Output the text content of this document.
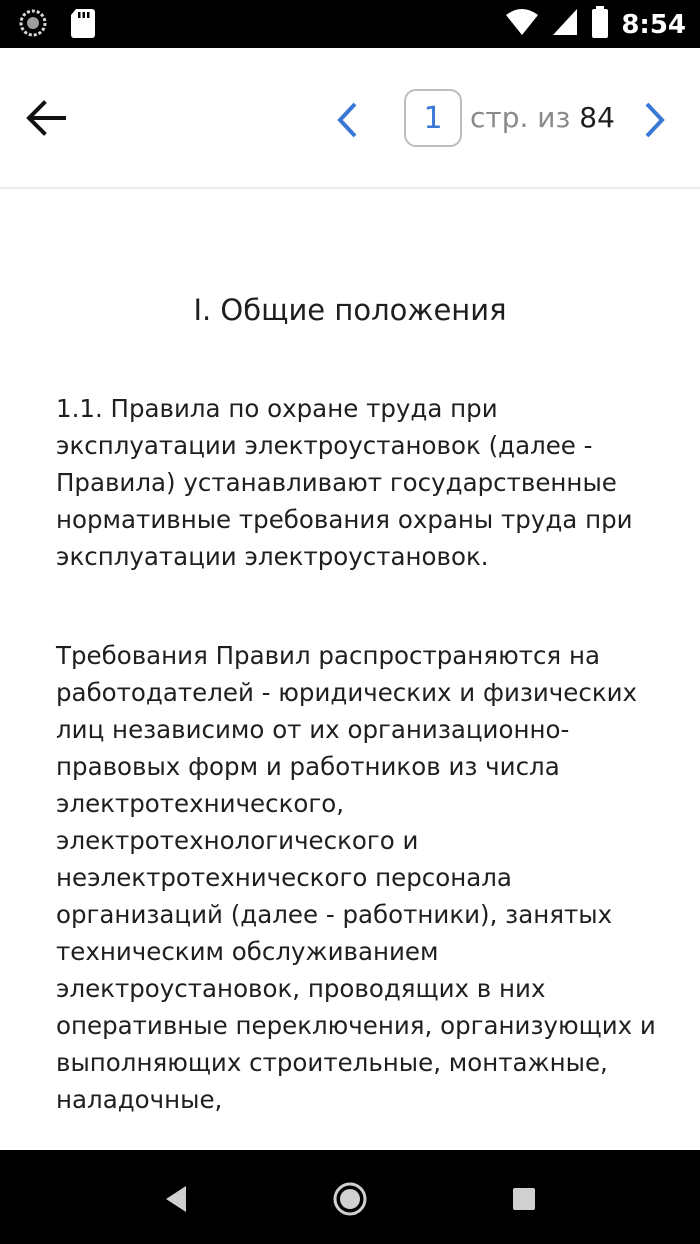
8:54
1
стр. из 84
I. Общие положения

1.1. Правила по охране труда при эксплуатации электроустановок (далее - Правила) устанавливают государственные нормативные требования охраны труда при эксплуатации электроустановок.

Требования Правил распространяются на работодателей - юридических и физических лиц независимо от их организационно-правовых форм и работников из числа электротехнического, электротехнологического и неэлектротехнического персонала организаций (далее - работники), занятых техническим обслуживанием электроустановок, проводящих в них оперативные переключения, организующих и выполняющих строительные, монтажные, наладочные,
